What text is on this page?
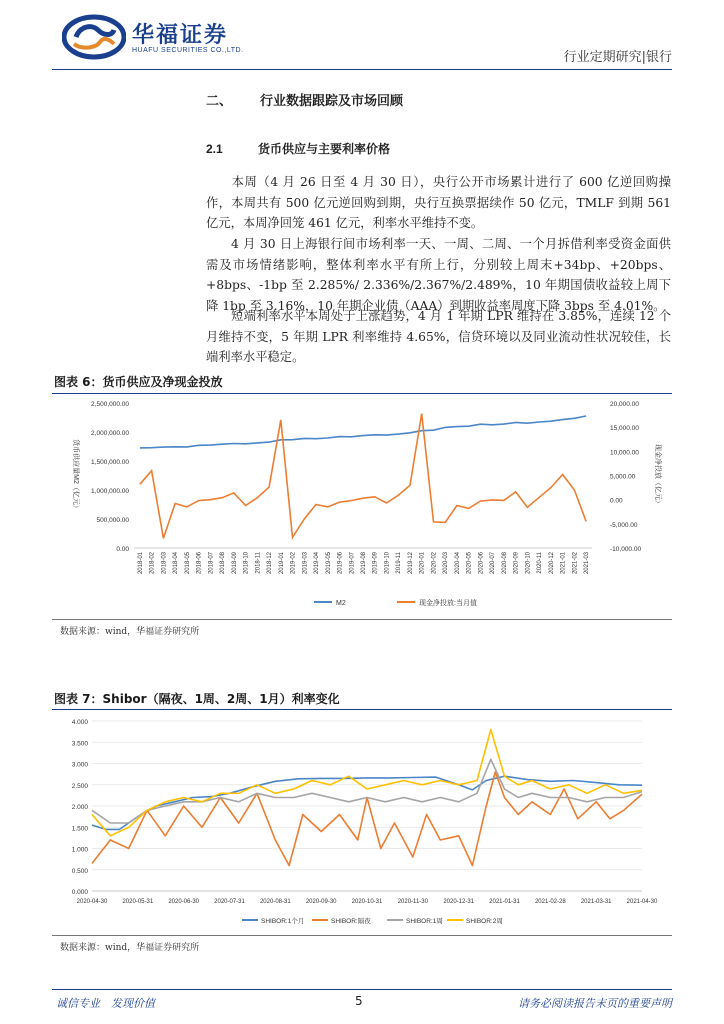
华福证券
HUAFU SECURITIES CO.,LTD.	行业定期研究|银行
二、 行业数据跟踪及市场回顾
2.1	货币供应与主要利率价格
本周（4 月 26 日至 4 月 30 日），央行公开市场累计进行了 600 亿逆回购操作，本周共有 500 亿元逆回购到期，央行互换票据续作 50 亿元，TMLF 到期 561 亿元，本周净回笼 461 亿元，利率水平维持不变。
4 月 30 日上海银行间市场利率一天、一周、二周、一个月拆借利率受资金面供需及市场情绪影响，整体利率水平有所上行，分别较上周末+34bp、+20bps、+8bps、-1bp 至 2.285%/ 2.336%/2.367%/2.489%，10 年期国债收益较上周下降 1bp 至 3.16%，10 年期企业债（AAA）到期收益率周度下降 3bps 至 4.01%。
短端利率水平本周处于上涨趋势，4 月 1 年期 LPR 维持在 3.85%，连续 12 个月维持不变，5 年期 LPR 利率维持 4.65%，信贷环境以及同业流动性状况较佳，长端利率水平稳定。
图表 6：货币供应及净现金投放
0.00
500,000.00
1,000,000.00
1,500,000.00
2,000,000.00
2,500,000.00
-10,000.00
-5,000.00
0.00
5,000.00
10,000.00
15,000.00
20,000.00
货币供应量M2（亿元）	现金净投放（亿元）
2018-01 2018-02 2018-03 2018-04 2018-05 2018-06 2018-07 2018-08 2018-09 2018-10 2018-11 2018-12 2019-01 2019-02 2019-03 2019-04 2019-05 2019-06 2019-07 2019-08 2019-09 2019-10 2019-11 2019-12 2020-01 2020-02 2020-03 2020-04 2020-05 2020-06 2020-07 2020-08 2020-09 2020-10 2020-11 2020-12 2021-01 2021-02 2021-03
M2	现金净投放:当月值
数据来源：wind，华福证券研究所
图表 7：Shibor（隔夜、1周、2周、1月）利率变化
0.000
0.500
1.000
1.500
2.000
2.500
3.000
3.500
4.000
2020-04-30	2020-05-31	2020-06-30	2020-07-31	2020-08-31	2020-09-30	2020-10-31	2020-11-30	2020-12-31	2021-01-31	2021-02-28	2021-03-31	2021-04-30
SHIBOR:1个月	SHIBOR:隔夜	SHIBOR:1周	SHIBOR:2周
数据来源：wind，华福证券研究所
诚信专业　发现价值	5	请务必阅读报告末页的重要声明
